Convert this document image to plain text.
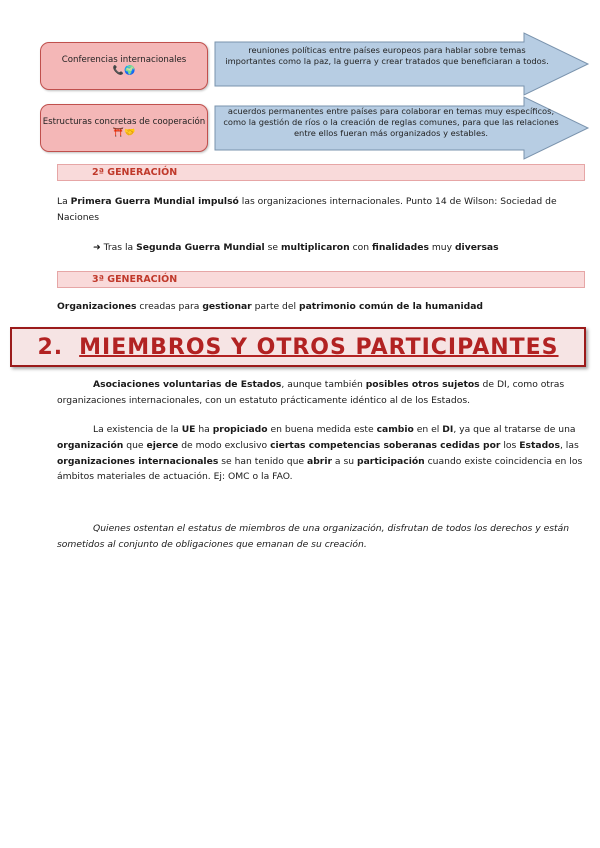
Conferencias internacionales
📞🌍
reuniones políticas entre países europeos para hablar sobre temas importantes como la paz, la guerra y crear tratados que beneficiaran a todos.
Estructuras concretas de cooperación
⛩️🤝
acuerdos permanentes entre países para colaborar en temas muy específicos, como la gestión de ríos o la creación de reglas comunes, para que las relaciones entre ellos fueran más organizados y estables.
2ª GENERACIÓN
La Primera Guerra Mundial impulsó las organizaciones internacionales. Punto 14 de Wilson: Sociedad de Naciones
➜ Tras la Segunda Guerra Mundial se multiplicaron con finalidades muy diversas
3ª GENERACIÓN
Organizaciones creadas para gestionar parte del patrimonio común de la humanidad
2. MIEMBROS Y OTROS PARTICIPANTES
Asociaciones voluntarias de Estados, aunque también posibles otros sujetos de DI, como otras organizaciones internacionales, con un estatuto prácticamente idéntico al de los Estados.
La existencia de la UE ha propiciado en buena medida este cambio en el DI, ya que al tratarse de una organización que ejerce de modo exclusivo ciertas competencias soberanas cedidas por los Estados, las organizaciones internacionales se han tenido que abrir a su participación cuando existe coincidencia en los ámbitos materiales de actuación. Ej: OMC o la FAO.
Quienes ostentan el estatus de miembros de una organización, disfrutan de todos los derechos y están sometidos al conjunto de obligaciones que emanan de su creación.
